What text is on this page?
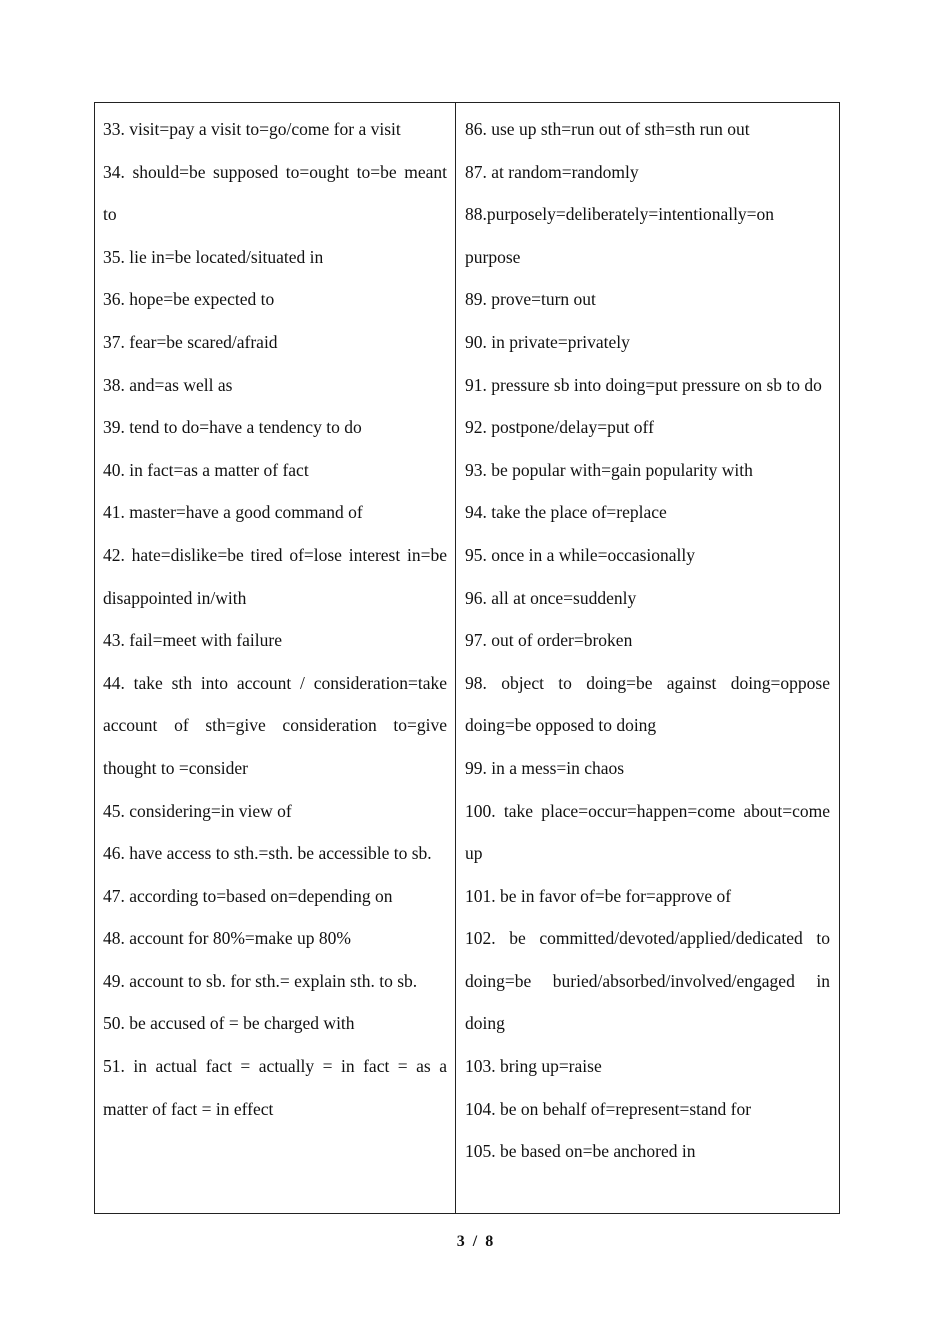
33. visit=pay a visit to=go/come for a visit

34. should=be supposed to=ought to=be meant to

35. lie in=be located/situated in

36. hope=be expected to

37. fear=be scared/afraid

38. and=as well as

39. tend to do=have a tendency to do

40. in fact=as a matter of fact

41. master=have a good command of

42. hate=dislike=be tired of=lose interest in=be disappointed in/with

43. fail=meet with failure

44. take sth into account / consideration=take account of sth=give consideration to=give thought to =consider

45. considering=in view of

46. have access to sth.=sth. be accessible to sb.

47. according to=based on=depending on

48. account for 80%=make up 80%

49. account to sb. for sth.= explain sth. to sb.

50. be accused of = be charged with

51. in actual fact = actually = in fact = as a matter of fact = in effect

86. use up sth=run out of sth=sth run out

87. at random=randomly

88.purposely=deliberately=intentionally=on purpose

89. prove=turn out

90. in private=privately

91. pressure sb into doing=put pressure on sb to do

92. postpone/delay=put off

93. be popular with=gain popularity with

94. take the place of=replace

95. once in a while=occasionally

96. all at once=suddenly

97. out of order=broken

98. object to doing=be against doing=oppose doing=be opposed to doing

99. in a mess=in chaos

100. take place=occur=happen=come about=come up

101. be in favor of=be for=approve of

102. be committed/devoted/applied/dedicated to doing=be buried/absorbed/involved/engaged in doing

103. bring up=raise

104. be on behalf of=represent=stand for

105. be based on=be anchored in

3 / 8
